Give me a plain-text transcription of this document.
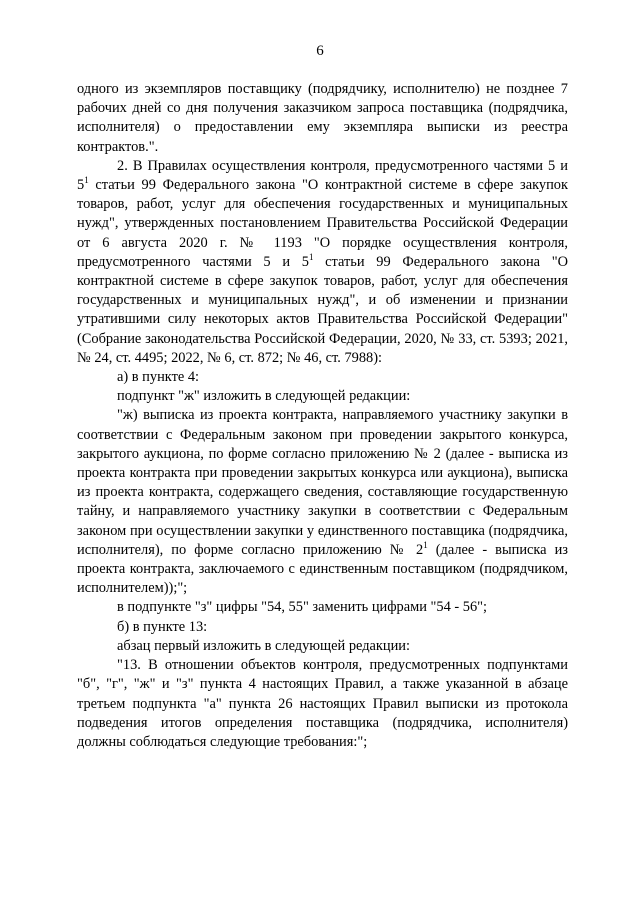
6

одного из экземпляров поставщику (подрядчику, исполнителю) не позднее 7 рабочих дней со дня получения заказчиком запроса поставщика (подрядчика, исполнителя) о предоставлении ему экземпляра выписки из реестра контрактов.".

2. В Правилах осуществления контроля, предусмотренного частями 5 и $5^1$ статьи 99 Федерального закона "О контрактной системе в сфере закупок товаров, работ, услуг для обеспечения государственных и муниципальных нужд", утвержденных постановлением Правительства Российской Федерации от 6 августа 2020 г. № 1193 "О порядке осуществления контроля, предусмотренного частями 5 и $5^1$ статьи 99 Федерального закона "О контрактной системе в сфере закупок товаров, работ, услуг для обеспечения государственных и муниципальных нужд", и об изменении и признании утратившими силу некоторых актов Правительства Российской Федерации" (Собрание законодательства Российской Федерации, 2020, № 33, ст. 5393; 2021, № 24, ст. 4495; 2022, № 6, ст. 872; № 46, ст. 7988):

а) в пункте 4:

подпункт "ж" изложить в следующей редакции:

"ж) выписка из проекта контракта, направляемого участнику закупки в соответствии с Федеральным законом при проведении закрытого конкурса, закрытого аукциона, по форме согласно приложению № 2 (далее - выписка из проекта контракта при проведении закрытых конкурса или аукциона), выписка из проекта контракта, содержащего сведения, составляющие государственную тайну, и направляемого участнику закупки в соответствии с Федеральным законом при осуществлении закупки у единственного поставщика (подрядчика, исполнителя), по форме согласно приложению № $2^1$ (далее - выписка из проекта контракта, заключаемого с единственным поставщиком (подрядчиком, исполнителем));";

в подпункте "з" цифры "54, 55" заменить цифрами "54 - 56";

б) в пункте 13:

абзац первый изложить в следующей редакции:

"13. В отношении объектов контроля, предусмотренных подпунктами "б", "г", "ж" и "з" пункта 4 настоящих Правил, а также указанной в абзаце третьем подпункта "а" пункта 26 настоящих Правил выписки из протокола подведения итогов определения поставщика (подрядчика, исполнителя) должны соблюдаться следующие требования:";
